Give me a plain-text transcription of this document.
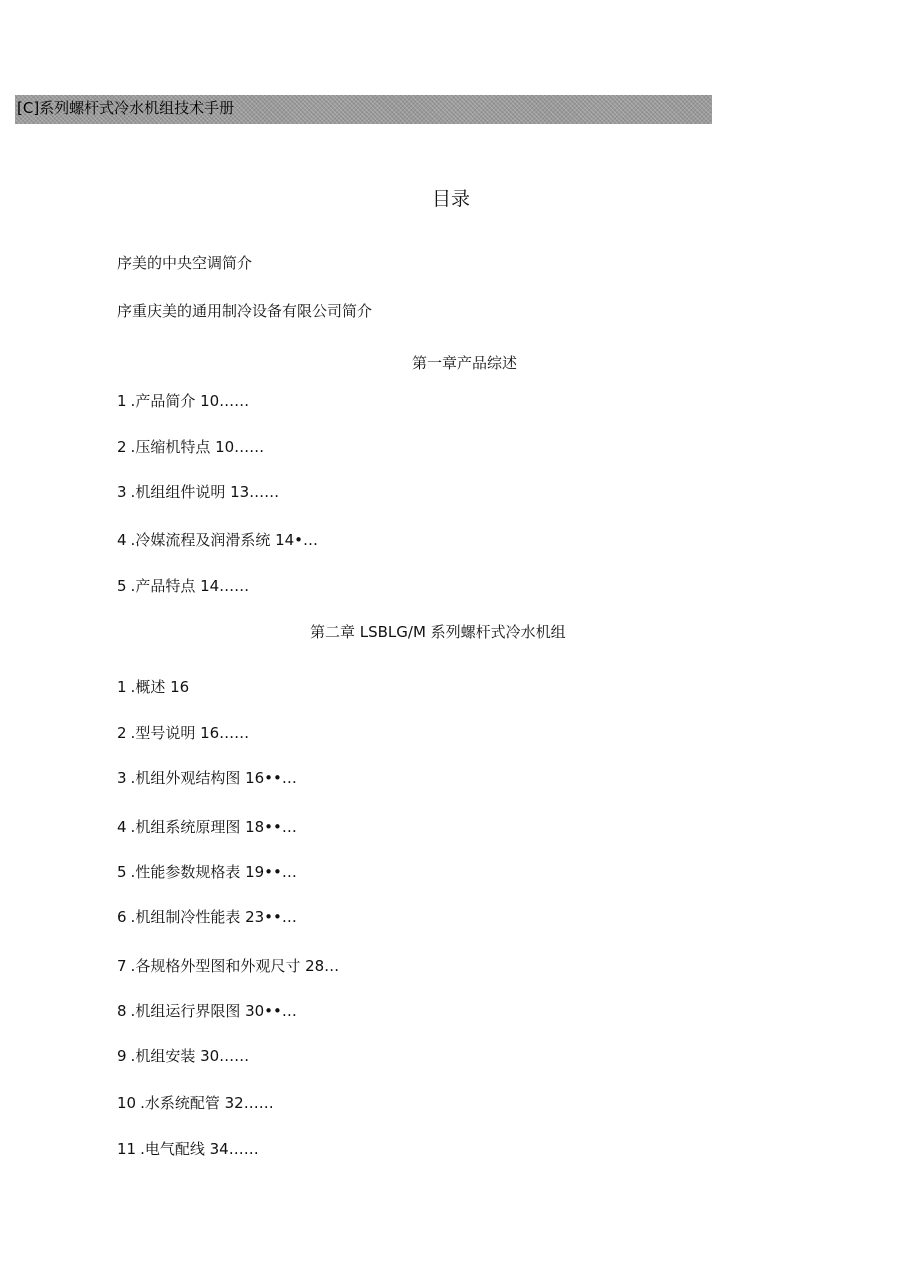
[C]系列螺杆式冷水机组技术手册
目录
序美的中央空调简介
序重庆美的通用制冷设备有限公司简介
第一章产品综述
1 .产品简介 10……
2 .压缩机特点 10……
3 .机组组件说明 13……
4 .冷媒流程及润滑系统 14•…
5 .产品特点 14……
第二章 LSBLG/M 系列螺杆式冷水机组
1 .概述 16
2 .型号说明 16……
3 .机组外观结构图 16••…
4 .机组系统原理图 18••…
5 .性能参数规格表 19••…
6 .机组制冷性能表 23••…
7 .各规格外型图和外观尺寸 28…
8 .机组运行界限图 30••…
9 .机组安装 30……
10 .水系统配管 32……
11 .电气配线 34……
